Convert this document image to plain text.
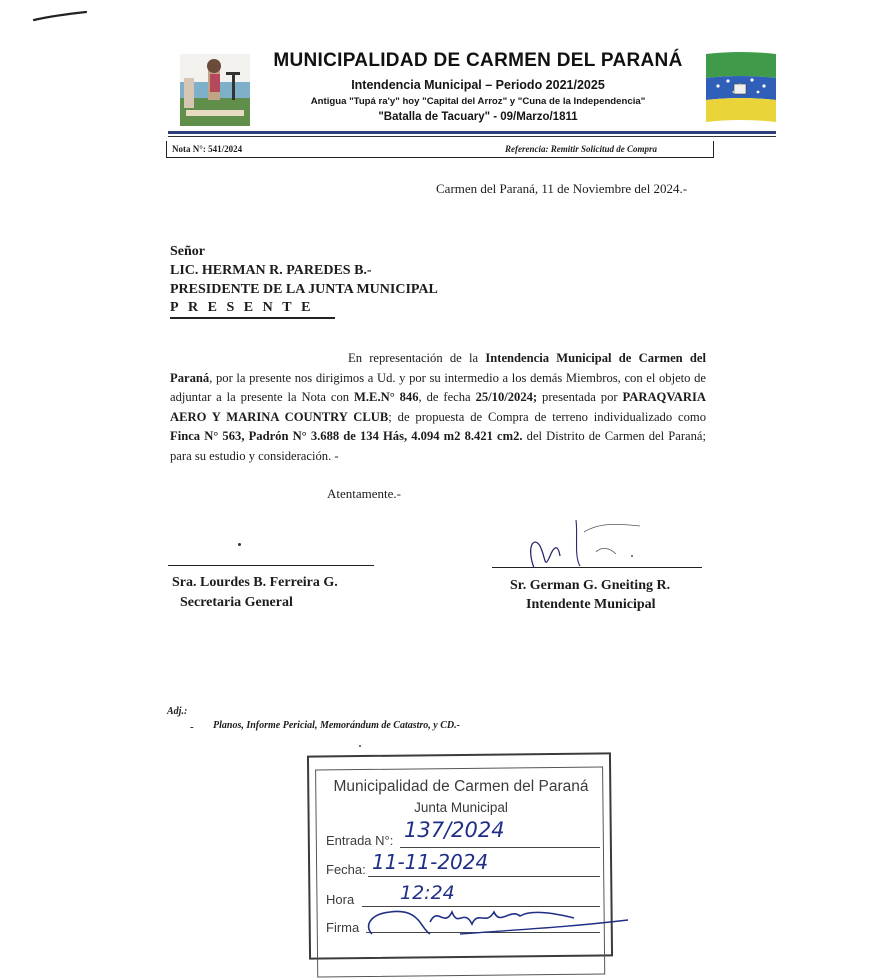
MUNICIPALIDAD DE CARMEN DEL PARANÁ
Intendencia Municipal – Periodo 2021/2025
Antigua "Tupá ra'y" hoy "Capital del Arroz" y "Cuna de la Independencia"
"Batalla de Tacuary" - 09/Marzo/1811
Nota N°: 541/2024	Referencia: Remitir Solicitud de Compra
Carmen del Paraná, 11 de Noviembre del 2024.-
Señor
LIC. HERMAN R. PAREDES B.-
PRESIDENTE DE LA JUNTA MUNICIPAL
PRESENTE
En representación de la Intendencia Municipal de Carmen del Paraná, por la presente nos dirigimos a Ud. y por su intermedio a los demás Miembros, con el objeto de adjuntar a la presente la Nota con M.E.N° 846, de fecha 25/10/2024; presentada por PARAQVARIA AERO Y MARINA COUNTRY CLUB; de propuesta de Compra de terreno individualizado como Finca N° 563, Padrón N° 3.688 de 134 Hás, 4.094 m2 8.421 cm2. del Distrito de Carmen del Paraná; para su estudio y consideración. -
Atentamente.-
Sra. Lourdes B. Ferreira G.
Secretaria General
Sr. German G. Gneiting R.
Intendente Municipal
Adj.:
- Planos, Informe Pericial, Memorándum de Catastro, y CD.-
Municipalidad de Carmen del Paraná
Junta Municipal
Entrada N°: 137/2024
Fecha: 11-11-2024
Hora 12:24
Firma
